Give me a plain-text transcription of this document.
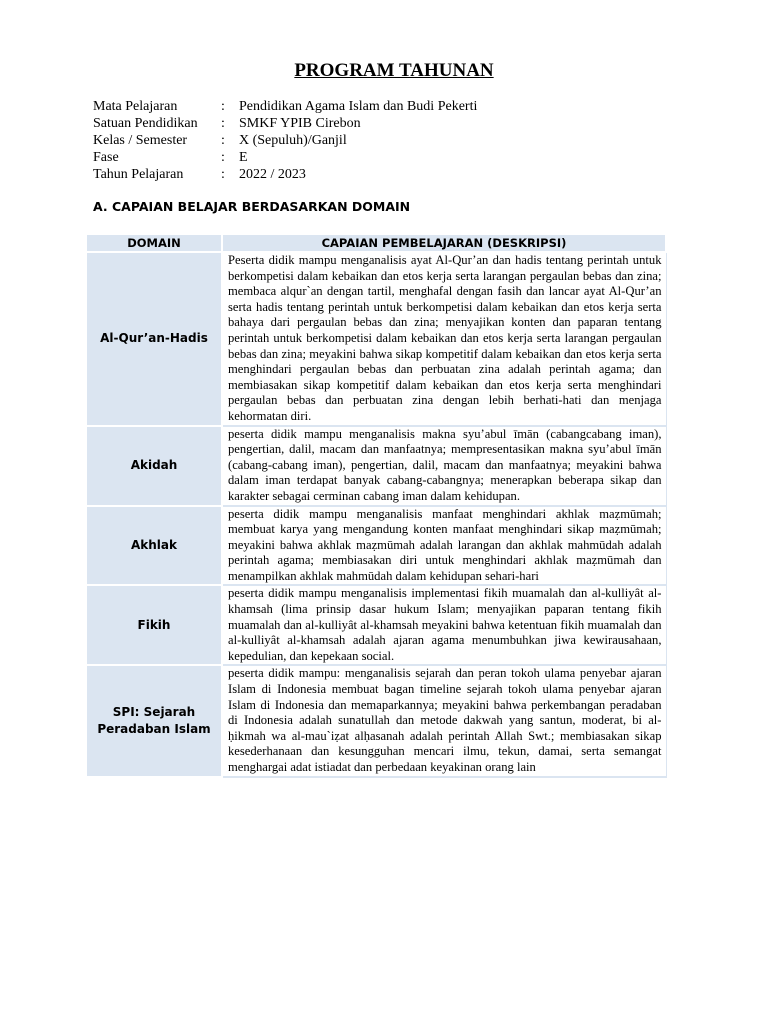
PROGRAM TAHUNAN
Mata Pelajaran	:	Pendidikan Agama Islam dan Budi Pekerti
Satuan Pendidikan	:	SMKF YPIB Cirebon
Kelas / Semester	:	X (Sepuluh)/Ganjil
Fase	:	E
Tahun Pelajaran	:	2022 / 2023
A. CAPAIAN BELAJAR BERDASARKAN DOMAIN
DOMAIN	CAPAIAN PEMBELAJARAN (DESKRIPSI)
Al-Qur’an-Hadis	Peserta didik mampu menganalisis ayat Al-Qur’an dan hadis tentang perintah untuk berkompetisi dalam kebaikan dan etos kerja serta larangan pergaulan bebas dan zina; membaca alqur`an dengan tartil, menghafal dengan fasih dan lancar ayat Al-Qur’an serta hadis tentang perintah untuk berkompetisi dalam kebaikan dan etos kerja serta bahaya dari pergaulan bebas dan zina; menyajikan konten dan paparan tentang perintah untuk berkompetisi dalam kebaikan dan etos kerja serta larangan pergaulan bebas dan zina; meyakini bahwa sikap kompetitif dalam kebaikan dan etos kerja serta menghindari pergaulan bebas dan perbuatan zina adalah perintah agama; dan membiasakan sikap kompetitif dalam kebaikan dan etos kerja serta menghindari pergaulan bebas dan perbuatan zina dengan lebih berhati-hati dan menjaga kehormatan diri.
Akidah	peserta didik mampu menganalisis makna syu’abul īmān (cabangcabang iman), pengertian, dalil, macam dan manfaatnya; mempresentasikan makna syu’abul īmān (cabang-cabang iman), pengertian, dalil, macam dan manfaatnya; meyakini bahwa dalam iman terdapat banyak cabang-cabangnya; menerapkan beberapa sikap dan karakter sebagai cerminan cabang iman dalam kehidupan.
Akhlak	peserta didik mampu menganalisis manfaat menghindari akhlak maẓmūmah; membuat karya yang mengandung konten manfaat menghindari sikap maẓmūmah; meyakini bahwa akhlak maẓmūmah adalah larangan dan akhlak mahmūdah adalah perintah agama; membiasakan diri untuk menghindari akhlak maẓmūmah dan menampilkan akhlak mahmūdah dalam kehidupan sehari-hari
Fikih	peserta didik mampu menganalisis implementasi fikih muamalah dan al-kulliyât al-khamsah (lima prinsip dasar hukum Islam; menyajikan paparan tentang fikih muamalah dan al-kulliyât al-khamsah meyakini bahwa ketentuan fikih muamalah dan al-kulliyât al-khamsah adalah ajaran agama menumbuhkan jiwa kewirausahaan, kepedulian, dan kepekaan social.
SPI: Sejarah Peradaban Islam	peserta didik mampu: menganalisis sejarah dan peran tokoh ulama penyebar ajaran Islam di Indonesia membuat bagan timeline sejarah tokoh ulama penyebar ajaran Islam di Indonesia dan memaparkannya; meyakini bahwa perkembangan peradaban di Indonesia adalah sunatullah dan metode dakwah yang santun, moderat, bi al-ḥikmah wa al-mau`iẓat alḥasanah adalah perintah Allah Swt.; membiasakan sikap kesederhanaan dan kesungguhan mencari ilmu, tekun, damai, serta semangat menghargai adat istiadat dan perbedaan keyakinan orang lain
